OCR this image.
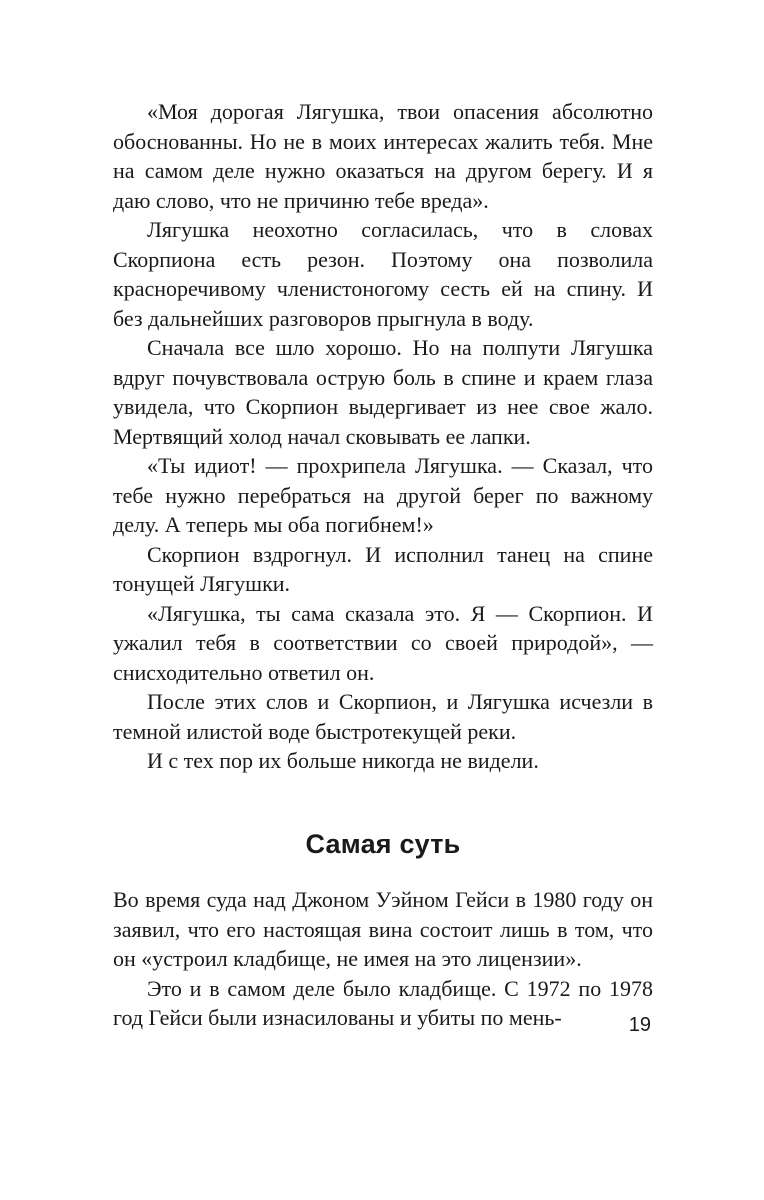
«Моя дорогая Лягушка, твои опасения абсолютно обоснованны. Но не в моих интересах жалить тебя. Мне на самом деле нужно оказаться на другом берегу. И я даю слово, что не причиню тебе вреда».

Лягушка неохотно согласилась, что в словах Скорпиона есть резон. Поэтому она позволила красноречивому членистоногому сесть ей на спину. И без дальнейших разговоров прыгнула в воду.

Сначала все шло хорошо. Но на полпути Лягушка вдруг почувствовала острую боль в спине и краем глаза увидела, что Скорпион выдергивает из нее свое жало. Мертвящий холод начал сковывать ее лапки.

«Ты идиот! — прохрипела Лягушка. — Сказал, что тебе нужно перебраться на другой берег по важному делу. А теперь мы оба погибнем!»

Скорпион вздрогнул. И исполнил танец на спине тонущей Лягушки.

«Лягушка, ты сама сказала это. Я — Скорпион. И ужалил тебя в соответствии со своей природой», — снисходительно ответил он.

После этих слов и Скорпион, и Лягушка исчезли в темной илистой воде быстротекущей реки.

И с тех пор их больше никогда не видели.

Самая суть

Во время суда над Джоном Уэйном Гейси в 1980 году он заявил, что его настоящая вина состоит лишь в том, что он «устроил кладбище, не имея на это лицензии».

Это и в самом деле было кладбище. С 1972 по 1978 год Гейси были изнасилованы и убиты по мень-	19
